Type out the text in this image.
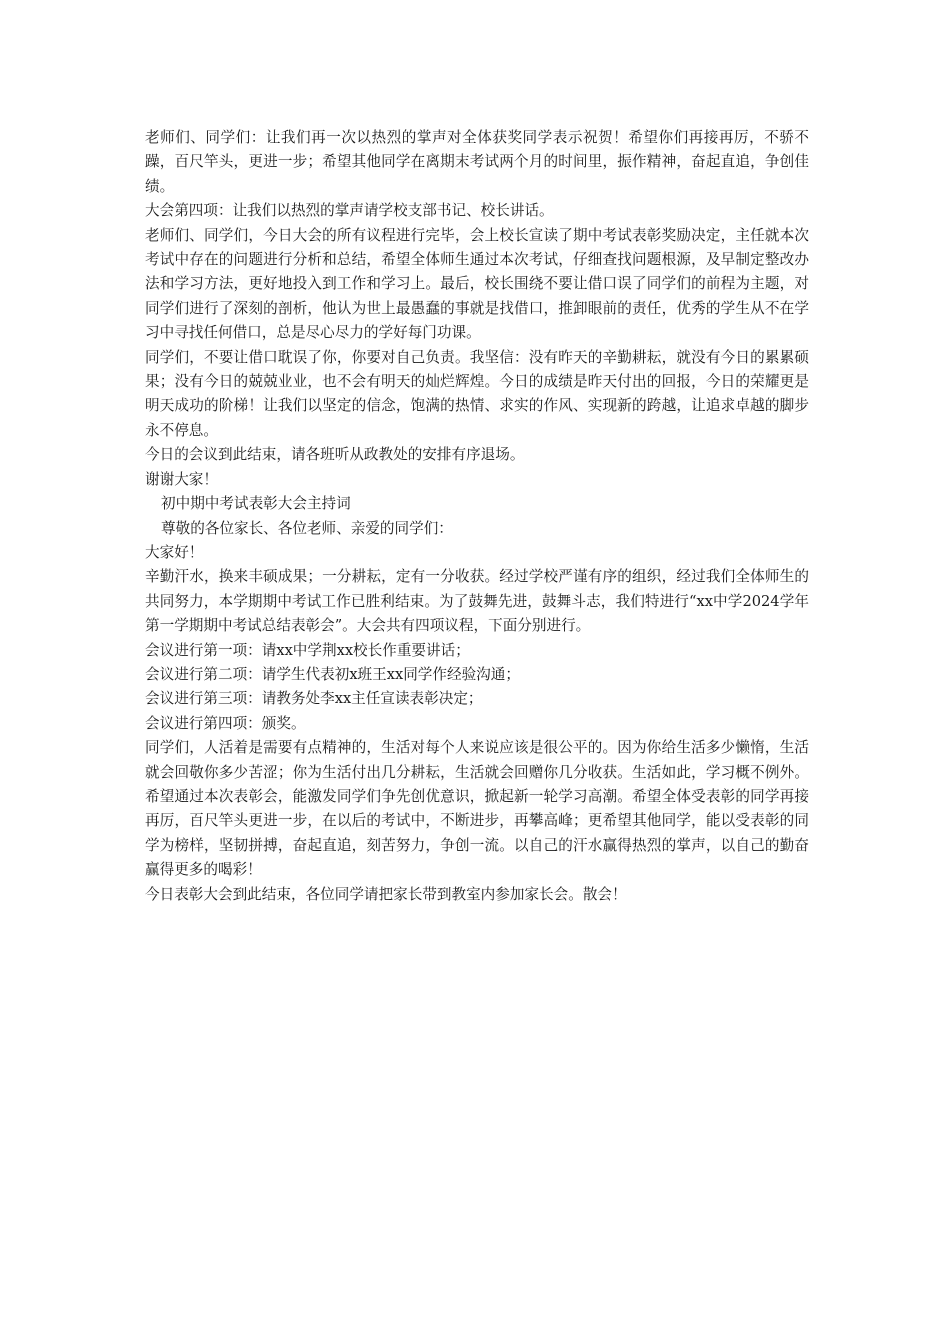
老师们、同学们：让我们再一次以热烈的掌声对全体获奖同学表示祝贺！希望你们再接再厉，不骄不躁，百尺竿头，更进一步；希望其他同学在离期末考试两个月的时间里，振作精神，奋起直追，争创佳绩。

大会第四项：让我们以热烈的掌声请学校支部书记、校长讲话。

老师们、同学们，今日大会的所有议程进行完毕，会上校长宣读了期中考试表彰奖励决定，主任就本次考试中存在的问题进行分析和总结，希望全体师生通过本次考试，仔细查找问题根源，及早制定整改办法和学习方法，更好地投入到工作和学习上。最后，校长围绕不要让借口误了同学们的前程为主题，对同学们进行了深刻的剖析，他认为世上最愚蠢的事就是找借口，推卸眼前的责任，优秀的学生从不在学习中寻找任何借口，总是尽心尽力的学好每门功课。

同学们，不要让借口耽误了你，你要对自己负责。我坚信：没有昨天的辛勤耕耘，就没有今日的累累硕果；没有今日的兢兢业业，也不会有明天的灿烂辉煌。今日的成绩是昨天付出的回报，今日的荣耀更是明天成功的阶梯！让我们以坚定的信念，饱满的热情、求实的作风、实现新的跨越，让追求卓越的脚步永不停息。

今日的会议到此结束，请各班听从政教处的安排有序退场。

谢谢大家！

初中期中考试表彰大会主持词

尊敬的各位家长、各位老师、亲爱的同学们：

大家好！

辛勤汗水，换来丰硕成果；一分耕耘，定有一分收获。经过学校严谨有序的组织，经过我们全体师生的共同努力，本学期期中考试工作已胜利结束。为了鼓舞先进，鼓舞斗志，我们特进行“xx中学2024学年第一学期期中考试总结表彰会”。大会共有四项议程，下面分别进行。

会议进行第一项：请xx中学荆xx校长作重要讲话；

会议进行第二项：请学生代表初x班王xx同学作经验沟通；

会议进行第三项：请教务处李xx主任宣读表彰决定；

会议进行第四项：颁奖。

同学们，人活着是需要有点精神的，生活对每个人来说应该是很公平的。因为你给生活多少懒惰，生活就会回敬你多少苦涩；你为生活付出几分耕耘，生活就会回赠你几分收获。生活如此，学习概不例外。希望通过本次表彰会，能激发同学们争先创优意识，掀起新一轮学习高潮。希望全体受表彰的同学再接再厉，百尺竿头更进一步，在以后的考试中，不断进步，再攀高峰；更希望其他同学，能以受表彰的同学为榜样，坚韧拼搏，奋起直追，刻苦努力，争创一流。以自己的汗水赢得热烈的掌声，以自己的勤奋赢得更多的喝彩！

今日表彰大会到此结束，各位同学请把家长带到教室内参加家长会。散会！
